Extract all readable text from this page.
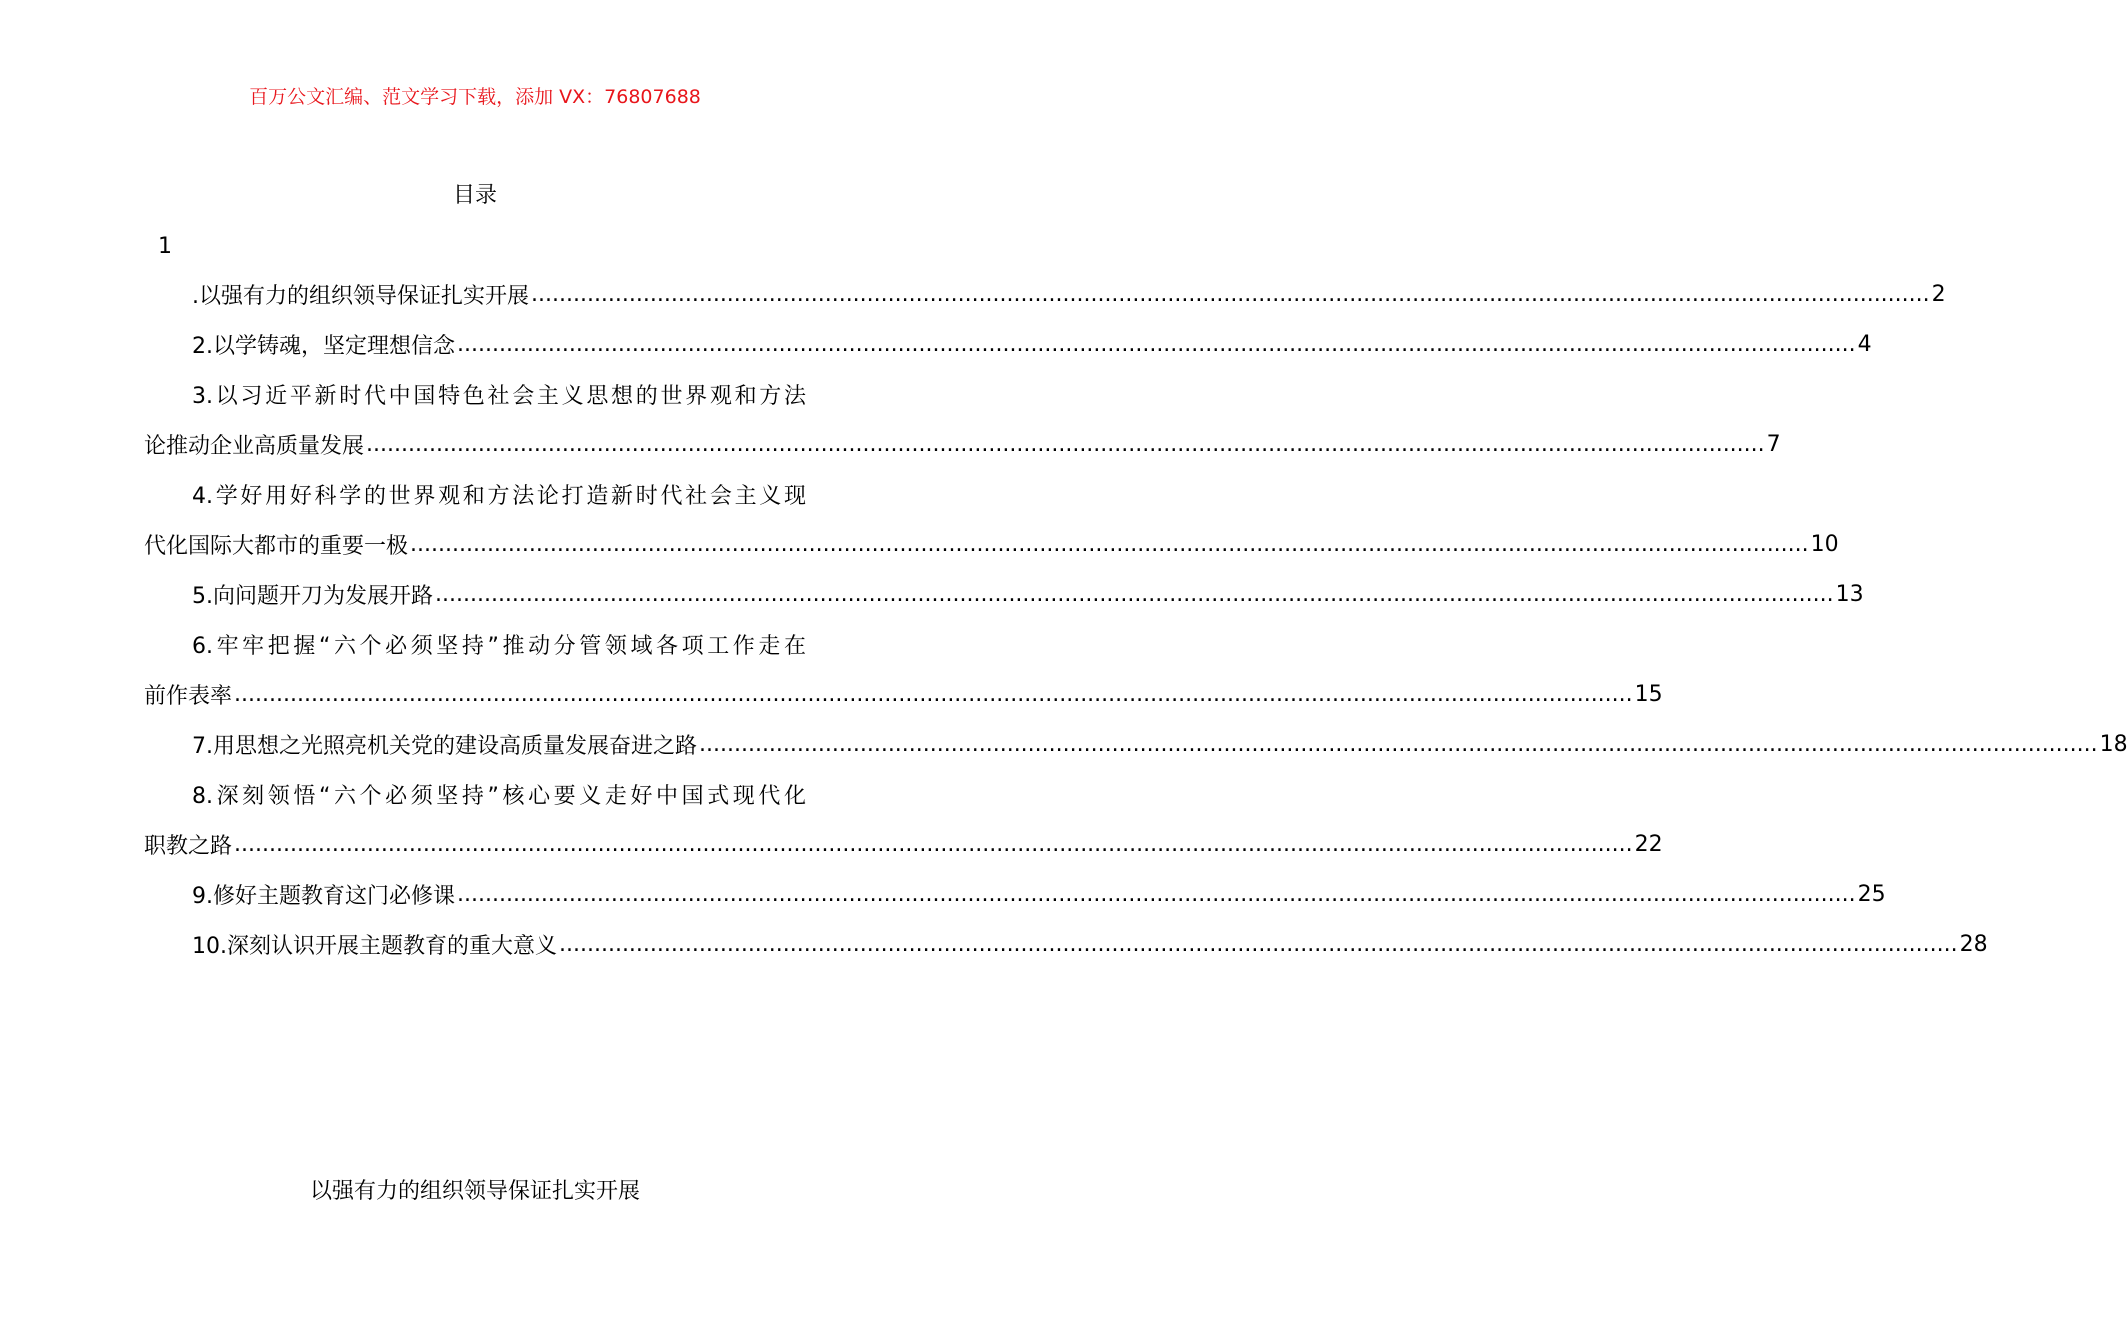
百万公文汇编、范文学习下载，添加 VX：76807688
目录
1
.以强有力的组织领导保证扎实开展 ........................................................................................................................................................................................................ 2
2.以学铸魂，坚定理想信念 ........................................................................................................................................................................................................ 4
3.以习近平新时代中国特色社会主义思想的世界观和方法
论推动企业高质量发展 ........................................................................................................................................................................................................ 7
4.学好用好科学的世界观和方法论打造新时代社会主义现
代化国际大都市的重要一极 ........................................................................................................................................................................................................ 10
5.向问题开刀为发展开路 ........................................................................................................................................................................................................ 13
6.牢牢把握“六个必须坚持”推动分管领域各项工作走在
前作表率 ........................................................................................................................................................................................................ 15
7.用思想之光照亮机关党的建设高质量发展奋进之路 ........................................................................................................................................................................................................ 18
8.深刻领悟“六个必须坚持”核心要义走好中国式现代化
职教之路 ........................................................................................................................................................................................................ 22
9.修好主题教育这门必修课 ........................................................................................................................................................................................................ 25
10.深刻认识开展主题教育的重大意义 ........................................................................................................................................................................................................ 28
以强有力的组织领导保证扎实开展
